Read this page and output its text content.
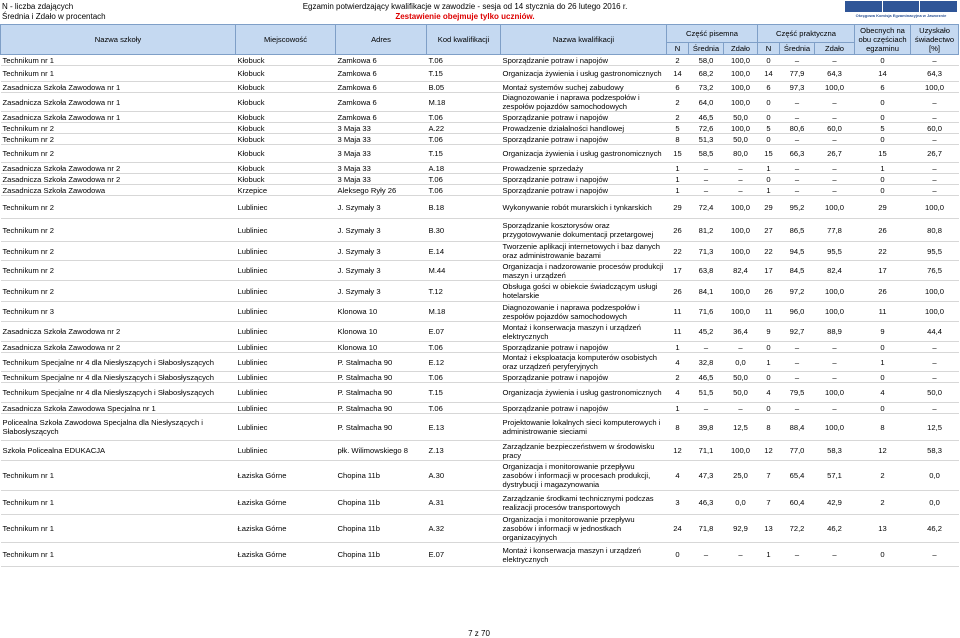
N - liczba zdających
Średnia i Zdało w procentach
Egzamin potwierdzający kwalifikacje w zawodzie - sesja od 14 stycznia do 26 lutego 2016 r.
Zestawienie obejmuje tylko uczniów.	Okręgowa Komisja Egzaminacyjna w Jaworznie
Nazwa szkoły	Miejscowość	Adres	Kod kwalifikacji	Nazwa kwalifikacji	Część pisemna			Część praktyczna			Obecnych na obu częściach egzaminu	Uzyskało świadectwo [%]
					N	Średnia	Zdało	N	Średnia	Zdało		
Technikum nr 1	Kłobuck	Zamkowa 6	T.06	Sporządzanie potraw i napojów	2	58,0	100,0	0	–	–	0	–
Technikum nr 1	Kłobuck	Zamkowa 6	T.15	Organizacja żywienia i usług gastronomicznych	14	68,2	100,0	14	77,9	64,3	14	64,3
Zasadnicza Szkoła Zawodowa nr 1	Kłobuck	Zamkowa 6	B.05	Montaż systemów suchej zabudowy	6	73,2	100,0	6	97,3	100,0	6	100,0
Zasadnicza Szkoła Zawodowa nr 1	Kłobuck	Zamkowa 6	M.18	Diagnozowanie i naprawa podzespołów i zespołów pojazdów samochodowych	2	64,0	100,0	0	–	–	0	–
Zasadnicza Szkoła Zawodowa nr 1	Kłobuck	Zamkowa 6	T.06	Sporządzanie potraw i napojów	2	46,5	50,0	0	–	–	0	–
Technikum nr 2	Kłobuck	3 Maja 33	A.22	Prowadzenie działalności handlowej	5	72,6	100,0	5	80,6	60,0	5	60,0
Technikum nr 2	Kłobuck	3 Maja 33	T.06	Sporządzanie potraw i napojów	8	51,3	50,0	0	–	–	0	–
Technikum nr 2	Kłobuck	3 Maja 33	T.15	Organizacja żywienia i usług gastronomicznych	15	58,5	80,0	15	66,3	26,7	15	26,7
Zasadnicza Szkoła Zawodowa nr 2	Kłobuck	3 Maja 33	A.18	Prowadzenie sprzedaży	1	–	–	1	–	–	1	–
Zasadnicza Szkoła Zawodowa nr 2	Kłobuck	3 Maja 33	T.06	Sporządzanie potraw i napojów	1	–	–	0	–	–	0	–
Zasadnicza Szkoła Zawodowa	Krzepice	Aleksego Ryły 26	T.06	Sporządzanie potraw i napojów	1	–	–	1	–	–	0	–
Technikum nr 2	Lubliniec	J. Szymały 3	B.18	Wykonywanie robót murarskich i tynkarskich	29	72,4	100,0	29	95,2	100,0	29	100,0
Technikum nr 2	Lubliniec	J. Szymały 3	B.30	Sporządzanie kosztorysów oraz przygotowywanie dokumentacji przetargowej	26	81,2	100,0	27	86,5	77,8	26	80,8
Technikum nr 2	Lubliniec	J. Szymały 3	E.14	Tworzenie aplikacji internetowych i baz danych oraz administrowanie bazami	22	71,3	100,0	22	94,5	95,5	22	95,5
Technikum nr 2	Lubliniec	J. Szymały 3	M.44	Organizacja i nadzorowanie procesów produkcji maszyn i urządzeń	17	63,8	82,4	17	84,5	82,4	17	76,5
Technikum nr 2	Lubliniec	J. Szymały 3	T.12	Obsługa gości w obiekcie świadczącym usługi hotelarskie	26	84,1	100,0	26	97,2	100,0	26	100,0
Technikum nr 3	Lubliniec	Klonowa 10	M.18	Diagnozowanie i naprawa podzespołów i zespołów pojazdów samochodowych	11	71,6	100,0	11	96,0	100,0	11	100,0
Zasadnicza Szkoła Zawodowa nr 2	Lubliniec	Klonowa 10	E.07	Montaż i konserwacja maszyn i urządzeń elektrycznych	11	45,2	36,4	9	92,7	88,9	9	44,4
Zasadnicza Szkoła Zawodowa nr 2	Lubliniec	Klonowa 10	T.06	Sporządzanie potraw i napojów	1	–	–	0	–	–	0	–
Technikum Specjalne nr 4 dla Niesłyszących i Słabosłyszących	Lubliniec	P. Stalmacha 90	E.12	Montaż i eksploatacja komputerów osobistych oraz urządzeń peryferyjnych	4	32,8	0,0	1	–	–	1	–
Technikum Specjalne nr 4 dla Niesłyszących i Słabosłyszących	Lubliniec	P. Stalmacha 90	T.06	Sporządzanie potraw i napojów	2	46,5	50,0	0	–	–	0	–
Technikum Specjalne nr 4 dla Niesłyszących i Słabosłyszących	Lubliniec	P. Stalmacha 90	T.15	Organizacja żywienia i usług gastronomicznych	4	51,5	50,0	4	79,5	100,0	4	50,0
Zasadnicza Szkoła Zawodowa Specjalna nr 1	Lubliniec	P. Stalmacha 90	T.06	Sporządzanie potraw i napojów	1	–	–	0	–	–	0	–
Policealna Szkoła Zawodowa Specjalna dla Niesłyszących i Słabosłyszących	Lubliniec	P. Stalmacha 90	E.13	Projektowanie lokalnych sieci komputerowych i administrowanie sieciami	8	39,8	12,5	8	88,4	100,0	8	12,5
Szkoła Policealna EDUKACJA	Lubliniec	płk. Wilimowskiego 8	Z.13	Zarządzanie bezpieczeństwem w środowisku pracy	12	71,1	100,0	12	77,0	58,3	12	58,3
Technikum nr 1	Łaziska Górne	Chopina 11b	A.30	Organizacja i monitorowanie przepływu zasobów i informacji w procesach produkcji, dystrybucji i magazynowania	4	47,3	25,0	7	65,4	57,1	2	0,0
Technikum nr 1	Łaziska Górne	Chopina 11b	A.31	Zarządzanie środkami technicznymi podczas realizacji procesów transportowych	3	46,3	0,0	7	60,4	42,9	2	0,0
Technikum nr 1	Łaziska Górne	Chopina 11b	A.32	Organizacja i monitorowanie przepływu zasobów i informacji w jednostkach organizacyjnych	24	71,8	92,9	13	72,2	46,2	13	46,2
Technikum nr 1	Łaziska Górne	Chopina 11b	E.07	Montaż i konserwacja maszyn i urządzeń elektrycznych	0	–	–	1	–	–	0	–
7 z 70
